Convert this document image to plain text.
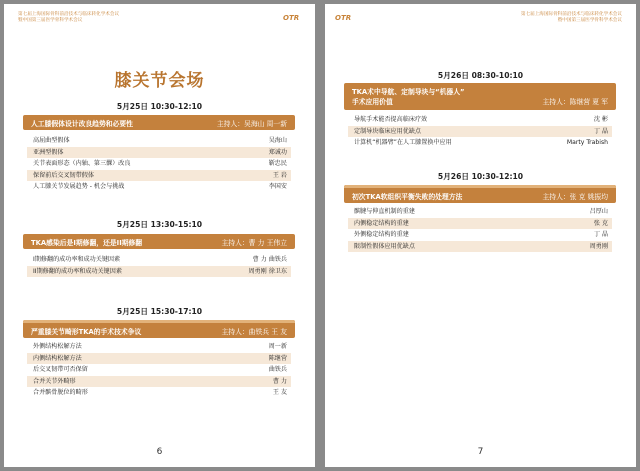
第七届上海国际骨科前沿技术与临床转化学术会议
暨中国第三届医学骨科学术会议	OTR
膝关节会场
5月25日 10:30-12:10
人工膝假体设计改良趋势和必要性	主持人：吴海山 周一新
高屈曲型假体	吴海山
亚洲型假体	郑诚功
关节表面形态（内轴、第三髁）改良	靳忠民
保留前后交叉韧带假体	王 岩
人工膝关节发展趋势 - 机会与挑战	李国安
5月25日 13:30-15:10
TKA感染后是I期修翻，还是II期修翻	主持人：曹 力 王伟立
I期修翻的成功率和成功关键因素	曹 力 曲铁兵
II期修翻的成功率和成功关键因素	周勇刚 徐卫东
5月25日 15:30-17:10
严重膝关节畸形TKA的手术技术争议	主持人：曲铁兵 王 友
外侧结构松解方法	周一新
内侧结构松解方法	陈继营
后交叉韧带可否保留	曲铁兵
合并关节外畸形	曹 力
合并髌骨脱位的畸形	王 友
6
OTR	第七届上海国际骨科前沿技术与临床转化学术会议
暨中国第三届医学骨科学术会议
5月26日 08:30-10:10
TKA术中导航、定制导块与“机器人”
手术应用价值	主持人：陈继营 夏 军
导航手术能否提高临床疗效	沈 彬
定制导块临床应用优缺点	丁 晶
计算机“机器臂”在人工膝置换中应用	Marty Trabish
5月26日 10:30-12:10
初次TKA软组织平衡失败的处理方法	主持人：张 克 姚振均
髌腱与伸直机制的重建	吕厚山
内侧稳定结构的重建	张 克
外侧稳定结构的重建	丁 晶
限制性假体应用优缺点	周勇刚
7
